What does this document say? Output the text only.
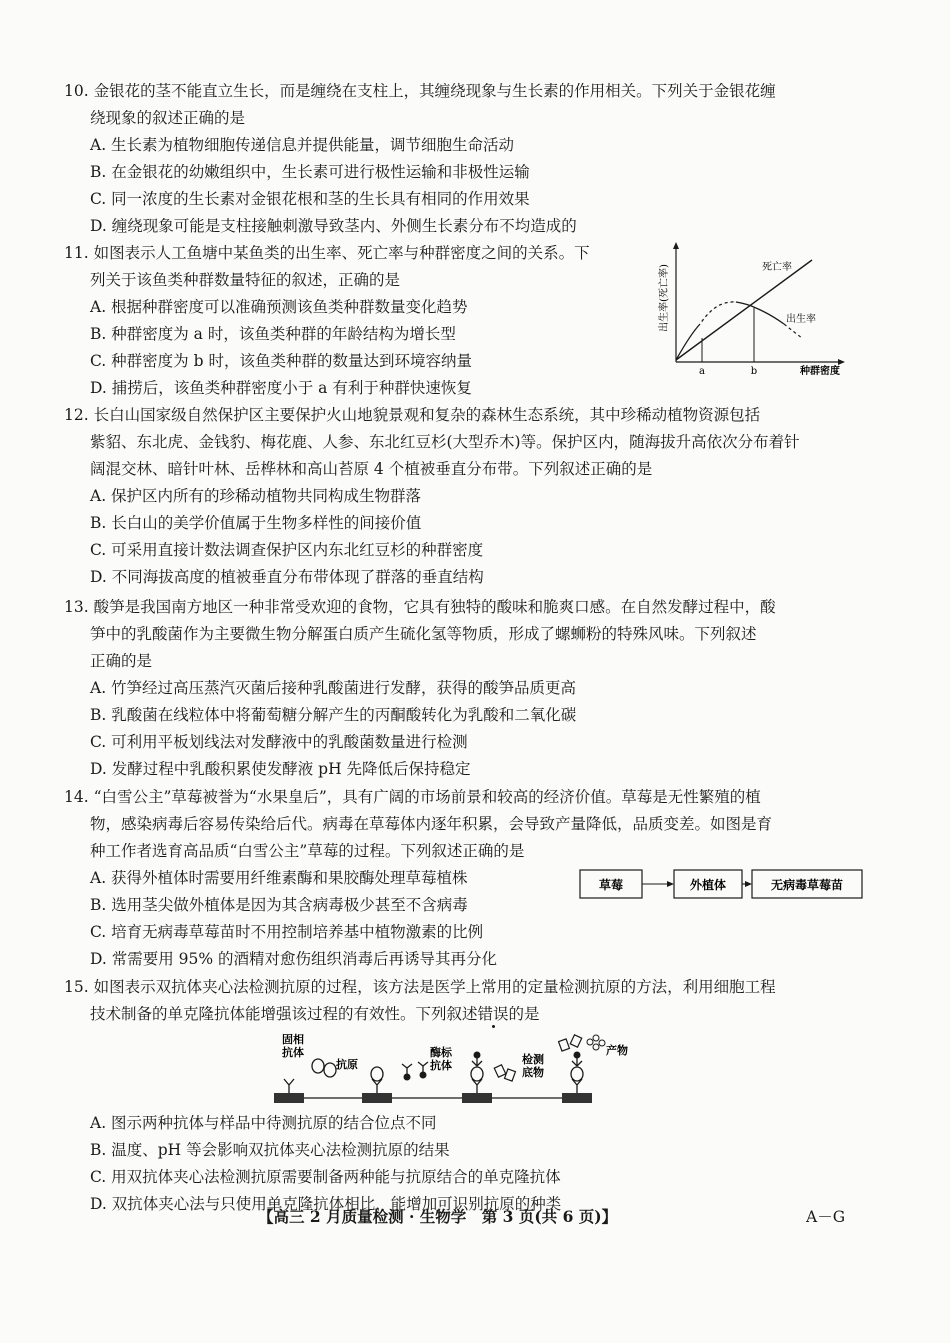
10. 金银花的茎不能直立生长，而是缠绕在支柱上，其缠绕现象与生长素的作用相关。下列关于金银花缠

绕现象的叙述正确的是

A. 生长素为植物细胞传递信息并提供能量，调节细胞生命活动

B. 在金银花的幼嫩组织中，生长素可进行极性运输和非极性运输

C. 同一浓度的生长素对金银花根和茎的生长具有相同的作用效果

D. 缠绕现象可能是支柱接触刺激导致茎内、外侧生长素分布不均造成的

11. 如图表示人工鱼塘中某鱼类的出生率、死亡率与种群密度之间的关系。下

列关于该鱼类种群数量特征的叙述，正确的是

A. 根据种群密度可以准确预测该鱼类种群数量变化趋势

B. 种群密度为 a 时，该鱼类种群的年龄结构为增长型

C. 种群密度为 b 时，该鱼类种群的数量达到环境容纳量

D. 捕捞后，该鱼类种群密度小于 a 有利于种群快速恢复

出生率(死亡率)
种群密度
死亡率
出生率
a	b

12. 长白山国家级自然保护区主要保护火山地貌景观和复杂的森林生态系统，其中珍稀动植物资源包括

紫貂、东北虎、金钱豹、梅花鹿、人参、东北红豆杉(大型乔木)等。保护区内，随海拔升高依次分布着针

阔混交林、暗针叶林、岳桦林和高山苔原 4 个植被垂直分布带。下列叙述正确的是

A. 保护区内所有的珍稀动植物共同构成生物群落

B. 长白山的美学价值属于生物多样性的间接价值

C. 可采用直接计数法调查保护区内东北红豆杉的种群密度

D. 不同海拔高度的植被垂直分布带体现了群落的垂直结构

13. 酸笋是我国南方地区一种非常受欢迎的食物，它具有独特的酸味和脆爽口感。在自然发酵过程中，酸

笋中的乳酸菌作为主要微生物分解蛋白质产生硫化氢等物质，形成了螺蛳粉的特殊风味。下列叙述

正确的是

A. 竹笋经过高压蒸汽灭菌后接种乳酸菌进行发酵，获得的酸笋品质更高

B. 乳酸菌在线粒体中将葡萄糖分解产生的丙酮酸转化为乳酸和二氧化碳

C. 可利用平板划线法对发酵液中的乳酸菌数量进行检测

D. 发酵过程中乳酸积累使发酵液 pH 先降低后保持稳定

14. “白雪公主”草莓被誉为“水果皇后”，具有广阔的市场前景和较高的经济价值。草莓是无性繁殖的植

物，感染病毒后容易传染给后代。病毒在草莓体内逐年积累，会导致产量降低，品质变差。如图是育

种工作者选育高品质“白雪公主”草莓的过程。下列叙述正确的是

A. 获得外植体时需要用纤维素酶和果胶酶处理草莓植株

B. 选用茎尖做外植体是因为其含病毒极少甚至不含病毒

C. 培育无病毒草莓苗时不用控制培养基中植物激素的比例

D. 常需要用 95% 的酒精对愈伤组织消毒后再诱导其再分化

草莓	外植体	无病毒草莓苗

15. 如图表示双抗体夹心法检测抗原的过程，该方法是医学上常用的定量检测抗原的方法，利用细胞工程

技术制备的单克隆抗体能增强该过程的有效性。下列叙述错误的是

固相
抗体
抗原
酶标
抗体	检测
底物
产物

A. 图示两种抗体与样品中待测抗原的结合位点不同

B. 温度、pH 等会影响双抗体夹心法检测抗原的结果

C. 用双抗体夹心法检测抗原需要制备两种能与抗原结合的单克隆抗体

D. 双抗体夹心法与只使用单克隆抗体相比，能增加可识别抗原的种类

【高三 2 月质量检测 · 生物学　第 3 页(共 6 页)】	A－G
